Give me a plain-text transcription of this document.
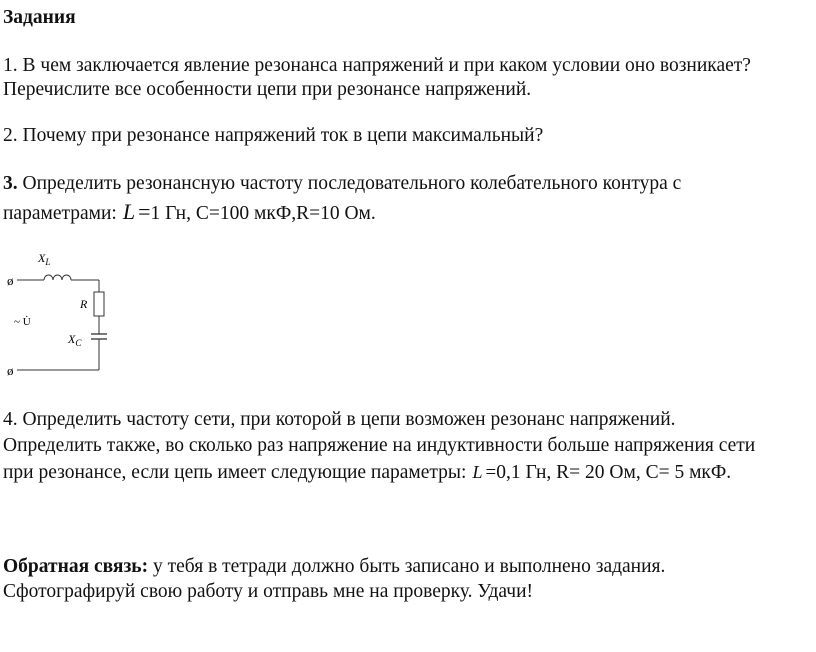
Задания
1. В чем заключается явление резонанса напряжений и при каком условии оно возникает?
Перечислите все особенности цепи при резонансе напряжений.
2. Почему при резонансе напряжений ток в цепи максимальный?
3. Определить резонансную частоту последовательного колебательного контура с
параметрами: L =1 Гн, С=100 мкФ,R=10 Ом.
ø
ø
$X_L$
R
~ U̇
$X_C$
4. Определить частоту сети, при которой в цепи возможен резонанс напряжений.
Определить также, во сколько раз напряжение на индуктивности больше напряжения сети
при резонансе, если цепь имеет следующие параметры: L =0,1 Гн, R= 20 Ом, С= 5 мкФ.
Обратная связь: у тебя в тетради должно быть записано и выполнено задания.
Сфотографируй свою работу и отправь мне на проверку. Удачи!
